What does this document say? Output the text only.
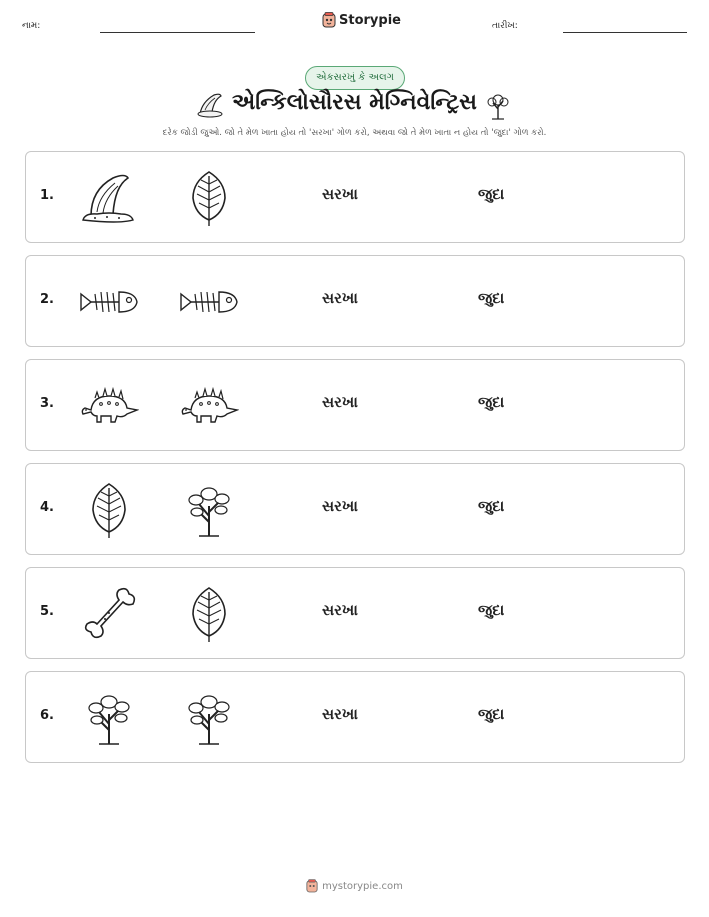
નામ:	Storypie	તારીખ:
એકસરખું કે અલગ
એન્કિલોસૌરસ મેગ્નિવેન્ટ્રિસ
દરેક જોડી જુઓ. જો તે મેળ ખાતા હોય તો 'સરખા' ગોળ કરો, અથવા જો તે મેળ ખાતા ન હોય તો 'જુદા' ગોળ કરો.
1.	સરખા	જુદા
2.	સરખા	જુદા
3.	સરખા	જુદા
4.	સરખા	જુદા
5.	સરખા	જુદા
6.	સરખા	જુદા
mystorypie.com
